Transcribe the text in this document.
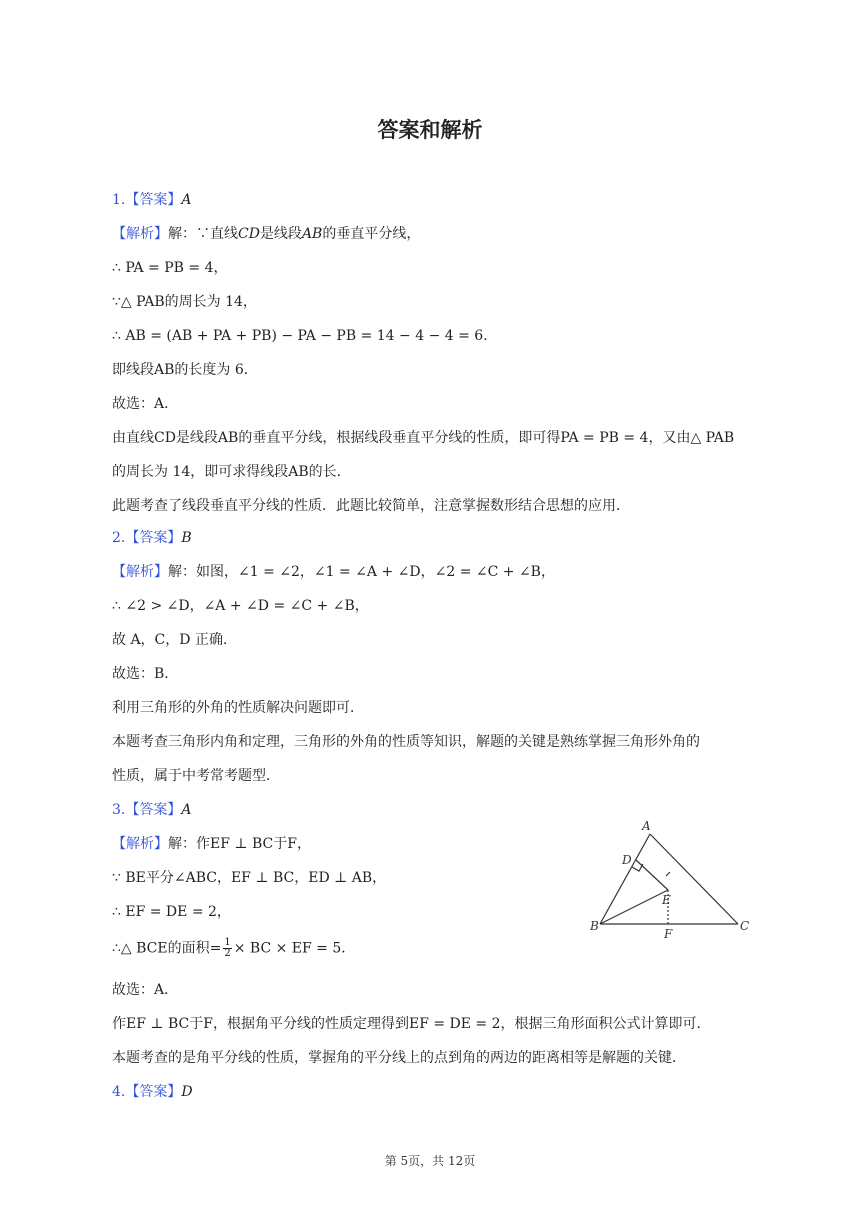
答案和解析
1.【答案】A
【解析】解：∵直线CD是线段AB的垂直平分线，
∴ PA = PB = 4，
∵△ PAB的周长为 14，
∴ AB = (AB + PA + PB) − PA − PB = 14 − 4 − 4 = 6．
即线段AB的长度为 6．
故选：A．
由直线CD是线段AB的垂直平分线，根据线段垂直平分线的性质，即可得PA = PB = 4，又由△ PAB
的周长为 14，即可求得线段AB的长．
此题考查了线段垂直平分线的性质．此题比较简单，注意掌握数形结合思想的应用．
2.【答案】B
【解析】解：如图，∠1 = ∠2，∠1 = ∠A + ∠D，∠2 = ∠C + ∠B，
∴ ∠2 > ∠D，∠A + ∠D = ∠C + ∠B，
故 A，C，D 正确．
故选：B．
利用三角形的外角的性质解决问题即可．
本题考查三角形内角和定理，三角形的外角的性质等知识，解题的关键是熟练掌握三角形外角的
性质，属于中考常考题型．
3.【答案】A
【解析】解：作EF ⊥ BC于F，
∵ BE平分∠ABC，EF ⊥ BC，ED ⊥ AB，
∴ EF = DE = 2，
∴△ BCE的面积= $\frac{1}{2}$ × BC × EF = 5．
故选：A．
作EF ⊥ BC于F，根据角平分线的性质定理得到EF = DE = 2，根据三角形面积公式计算即可．
本题考查的是角平分线的性质，掌握角的平分线上的点到角的两边的距离相等是解题的关键．
4.【答案】D
A
D
E
B
F
C
第 5页，共 12页
